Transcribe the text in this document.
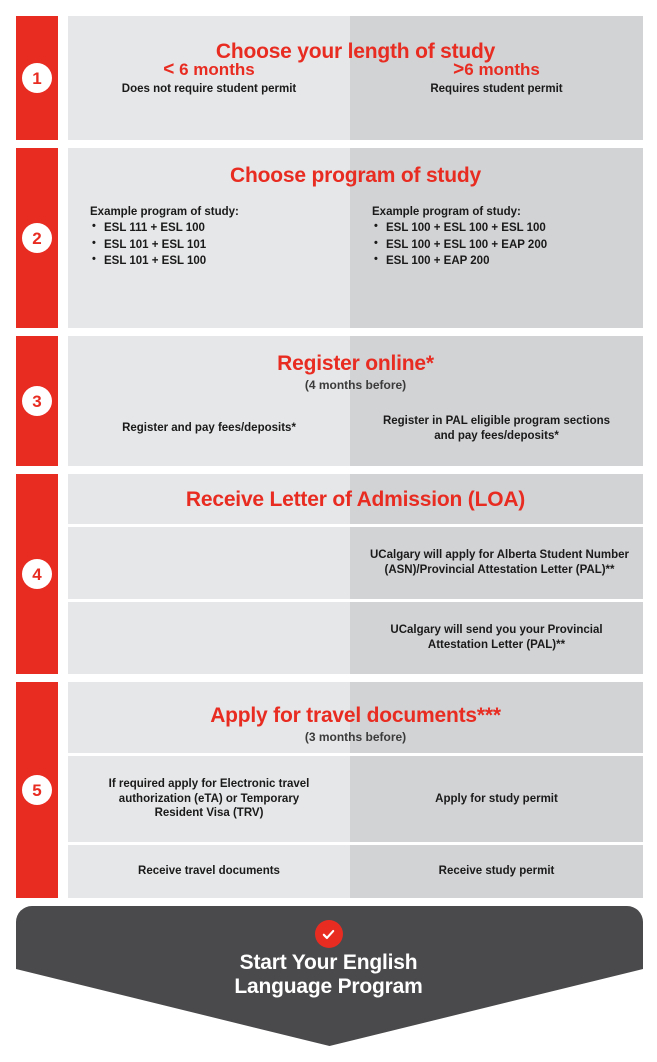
1	< 6 months
Does not require student permit
>6 months
Requires student permit
Choose your length of study
2
Example program of study:
• ESL 111 + ESL 100
• ESL 101 + ESL 101
• ESL 101 + ESL 100
Example program of study:
• ESL 100 + ESL 100 + ESL 100
• ESL 100 + ESL 100 + EAP 200
• ESL 100 + EAP 200
Choose program of study
3
Register and pay fees/deposits*
Register in PAL eligible program sections and pay fees/deposits*
Register online*
(4 months before)
4
UCalgary will apply for Alberta Student Number (ASN)/Provincial Attestation Letter (PAL)**
UCalgary will send you your Provincial Attestation Letter (PAL)**
Receive Letter of Admission (LOA)
5	If required apply for Electronic travel authorization (eTA) or Temporary Resident Visa (TRV)
Apply for study permit
Receive travel documents	Receive study permit
Apply for travel documents***
(3 months before)
Start Your English
Language Program
